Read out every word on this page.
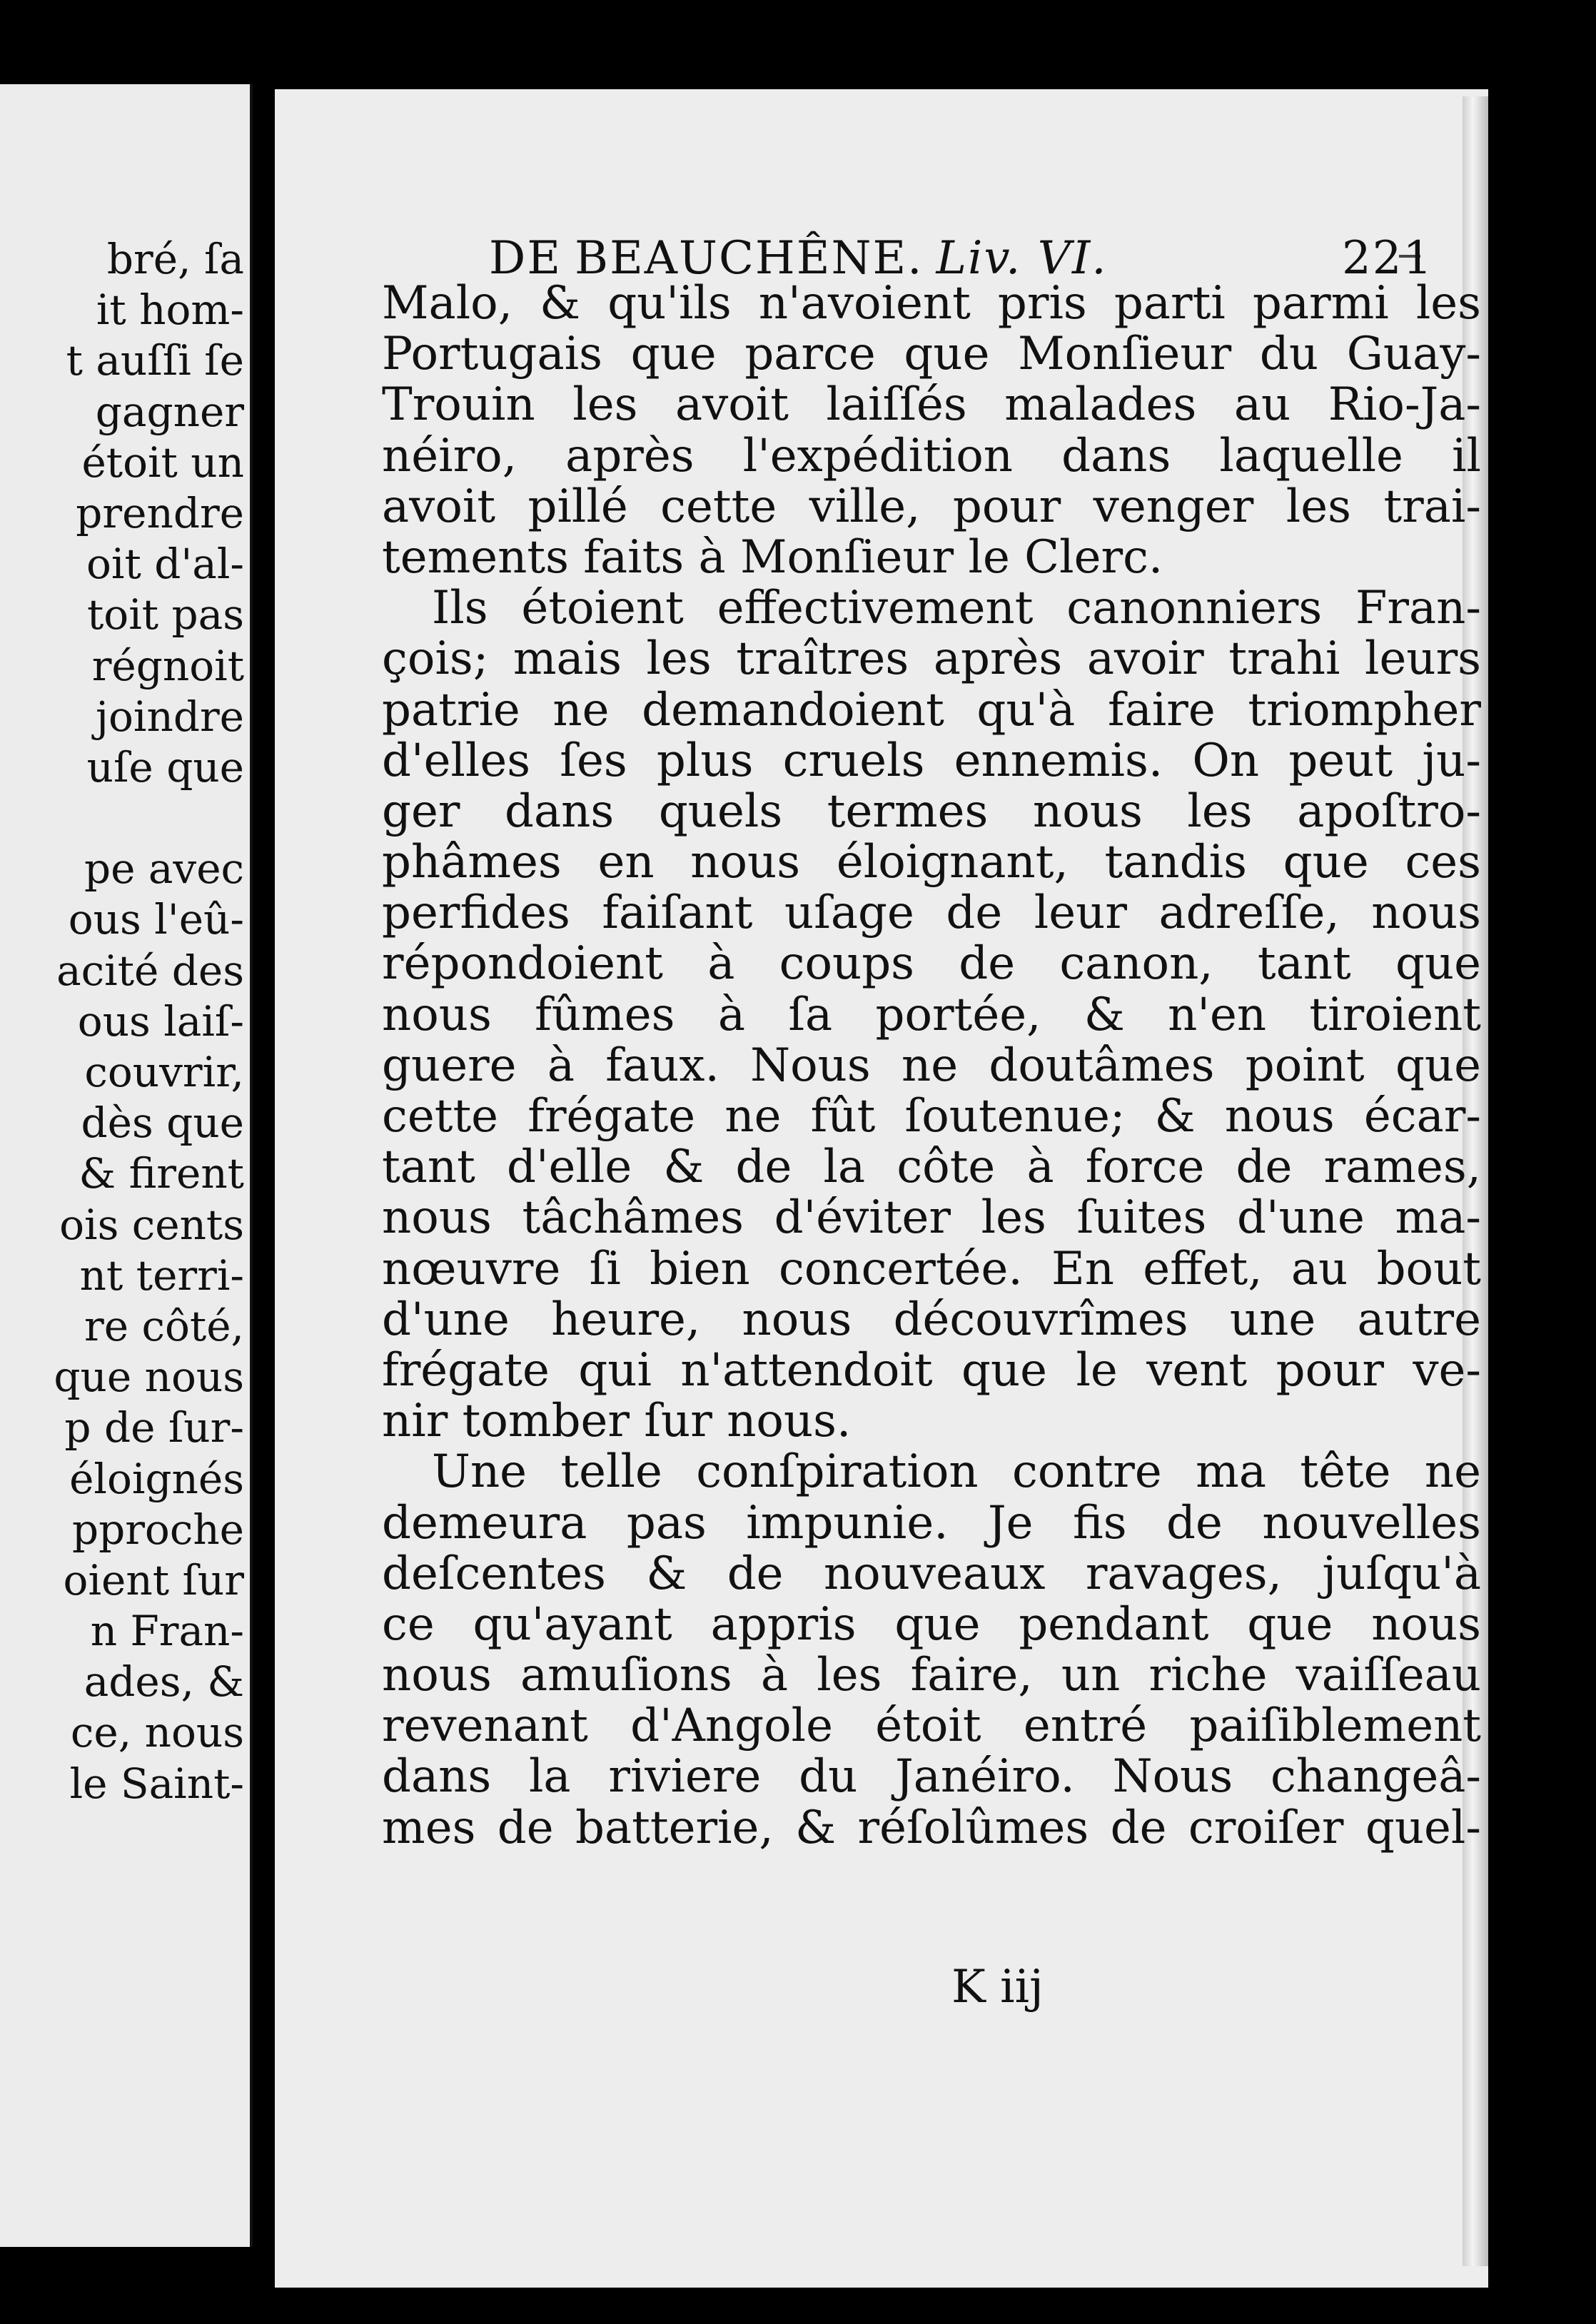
bré, ſa
it hom-
t auſſi ſe
gagner
étoit un
prendre
oit d'al-
toit pas
régnoit
joindre
uſe que
pe avec
ous l'eû-
acité des
ous laiſ-
couvrir,
dès que
& firent
ois cents
nt terri-
re côté,
que nous
p de ſur-
éloignés
pproche
oient ſur
n Fran-
ades, &
ce, nous
le Saint-
DE BEAUCHÊNE. Liv. VI.	221
Malo, & qu'ils n'avoient pris parti parmi les
Portugais que parce que Monſieur du Guay-
Trouin les avoit laiſſés malades au Rio-Ja-
néiro, après l'expédition dans laquelle il
avoit pillé cette ville, pour venger les trai-
tements faits à Monſieur le Clerc.
Ils étoient effectivement canonniers Fran-
çois; mais les traîtres après avoir trahi leurs
patrie ne demandoient qu'à faire triompher
d'elles ſes plus cruels ennemis. On peut ju-
ger dans quels termes nous les apoſtro-
phâmes en nous éloignant, tandis que ces
perfides faiſant uſage de leur adreſſe, nous
répondoient à coups de canon, tant que
nous fûmes à ſa portée, & n'en tiroient
guere à faux. Nous ne doutâmes point que
cette frégate ne fût ſoutenue; & nous écar-
tant d'elle & de la côte à force de rames,
nous tâchâmes d'éviter les ſuites d'une ma-
nœuvre ſi bien concertée. En effet, au bout
d'une heure, nous découvrîmes une autre
frégate qui n'attendoit que le vent pour ve-
nir tomber ſur nous.
Une telle conſpiration contre ma tête ne
demeura pas impunie. Je fis de nouvelles
deſcentes & de nouveaux ravages, juſqu'à
ce qu'ayant appris que pendant que nous
nous amuſions à les faire, un riche vaiſſeau
revenant d'Angole étoit entré paiſiblement
dans la riviere du Janéiro. Nous changeâ-
mes de batterie, & réſolûmes de croiſer quel-
K iij
